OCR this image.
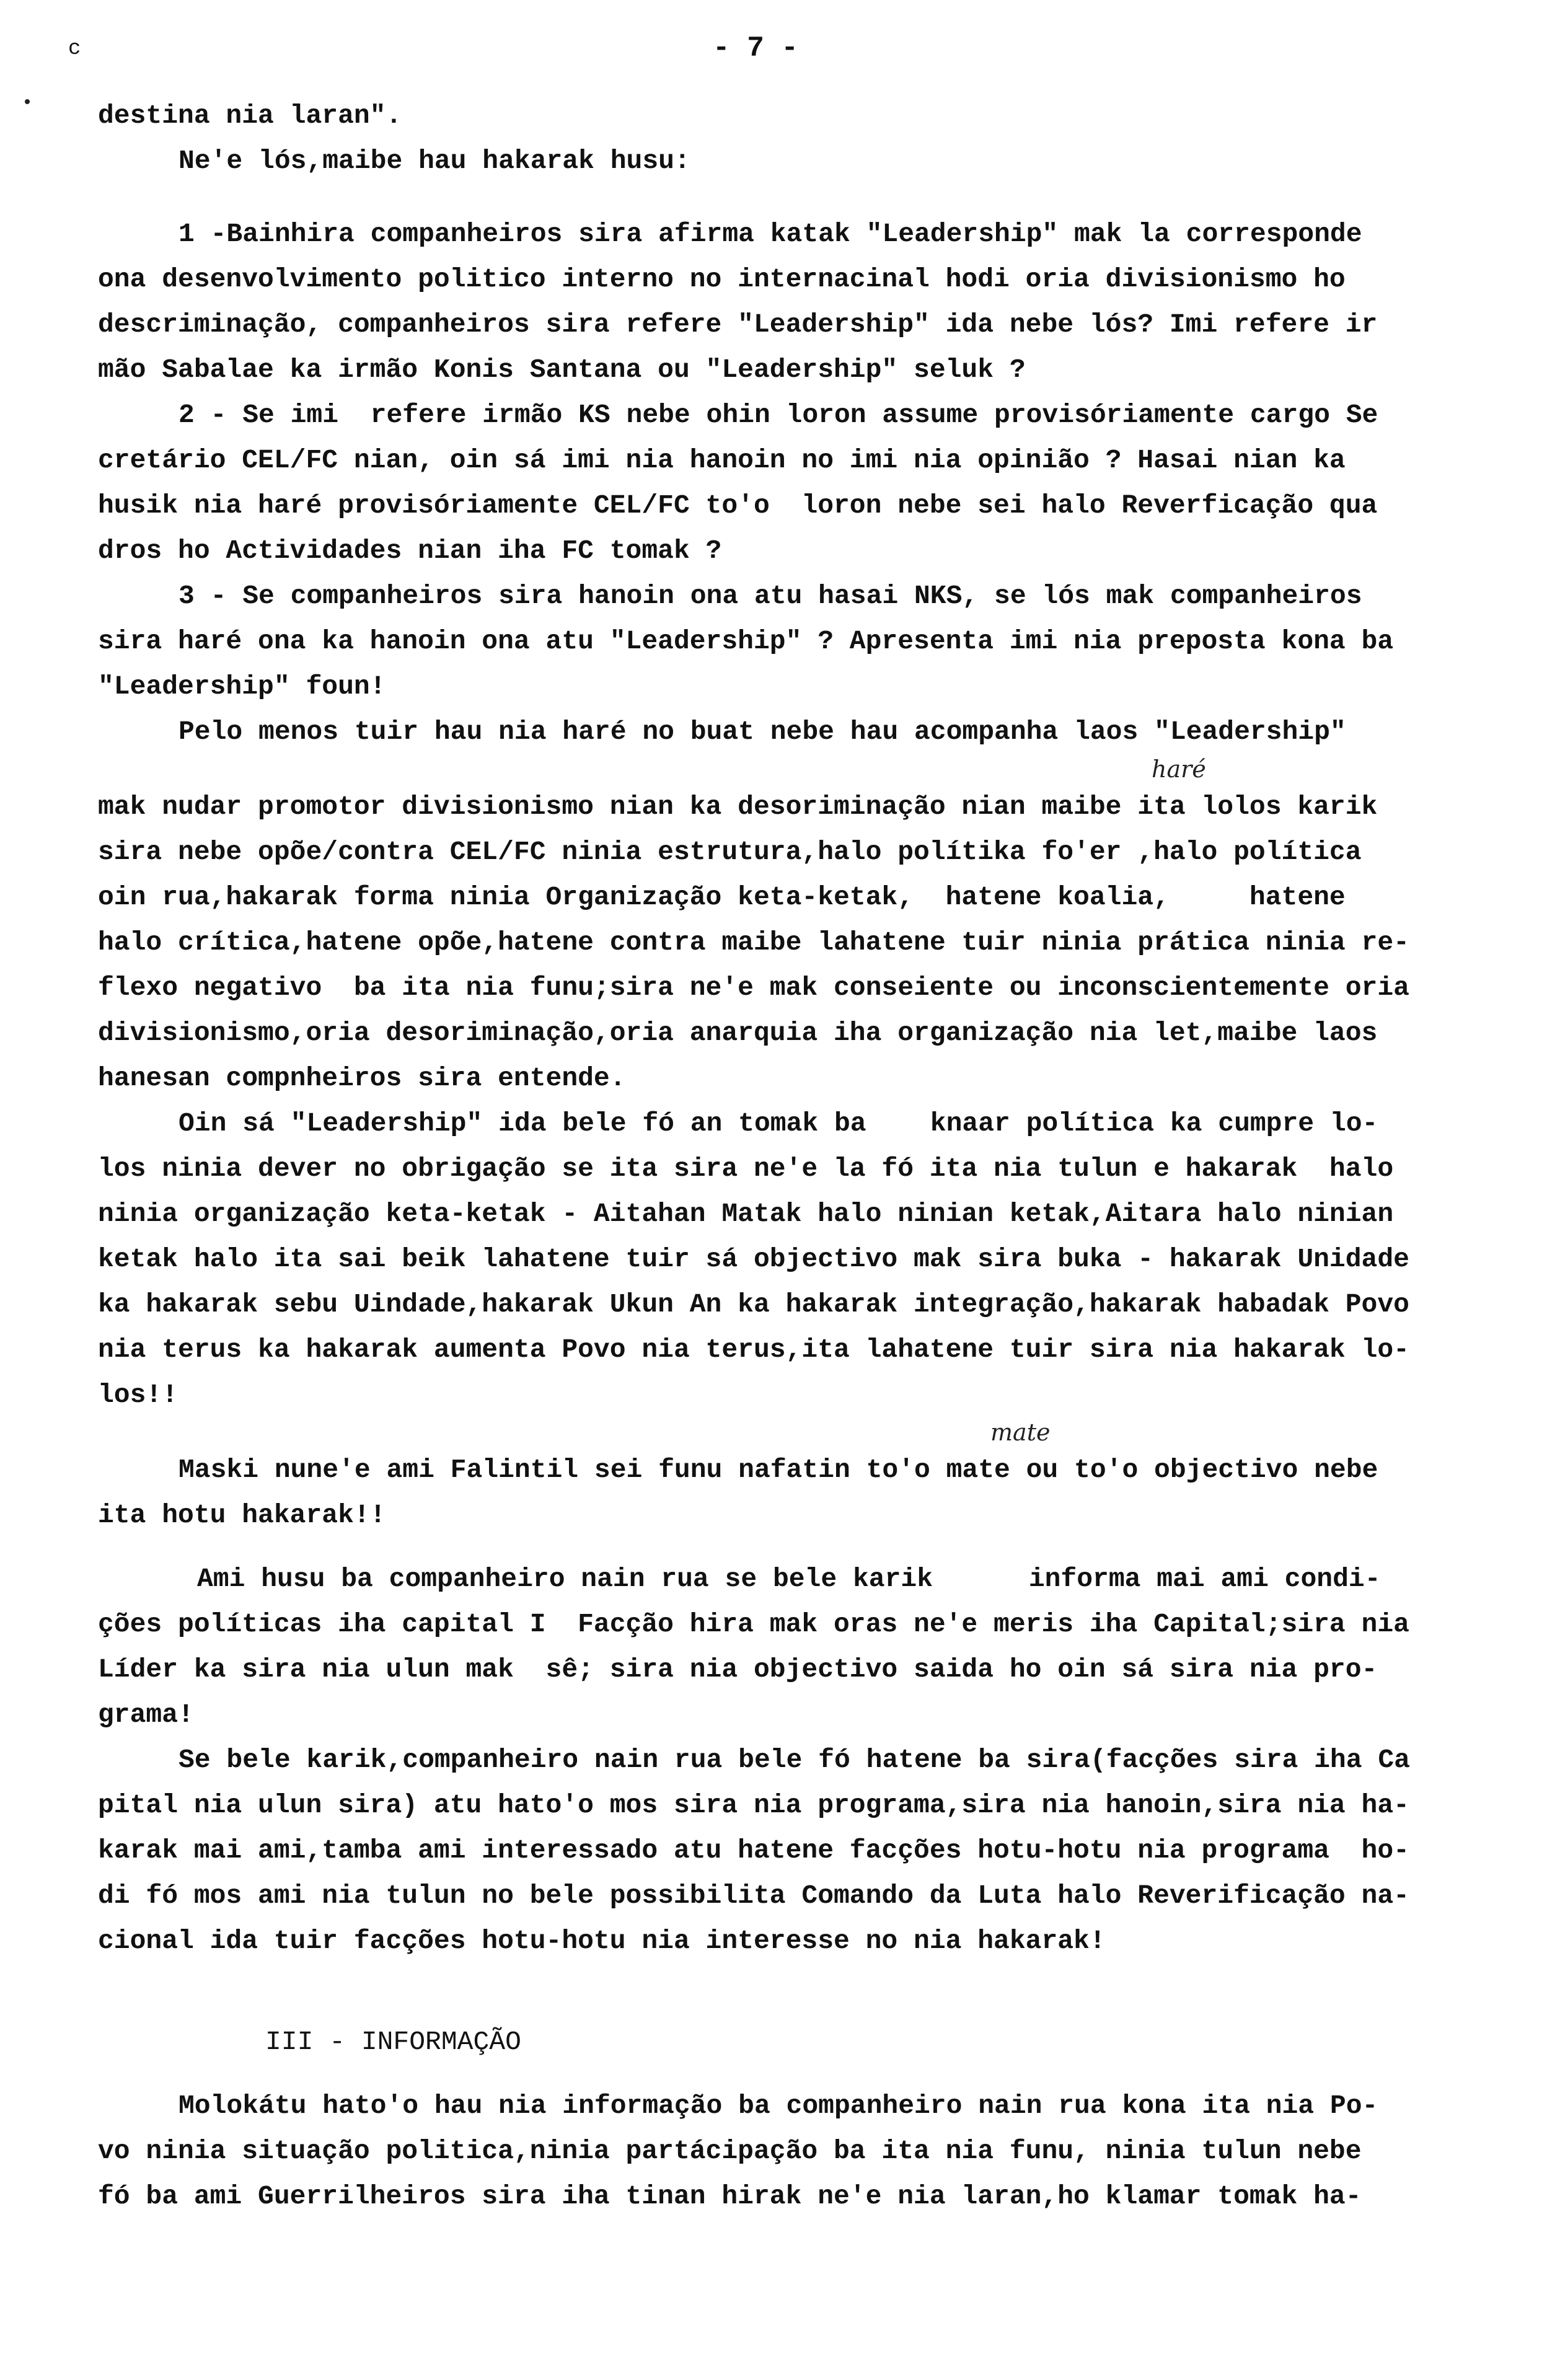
- 7 -
c
destina nia laran".
Ne'e lós,maibe hau hakarak husu:
1 -Bainhira companheiros sira afirma katak "Leadership" mak la corresponde
ona desenvolvimento politico interno no internacinal hodi oria divisionismo ho
descriminação, companheiros sira refere "Leadership" ida nebe lós? Imi refere ir
mão Sabalae ka irmão Konis Santana ou "Leadership" seluk ?
2 - Se imi  refere irmão KS nebe ohin loron assume provisóriamente cargo Se
cretário CEL/FC nian, oin sá imi nia hanoin no imi nia opinião ? Hasai nian ka
husik nia haré provisóriamente CEL/FC to'o  loron nebe sei halo Reverficação qua
dros ho Actividades nian iha FC tomak ?
3 - Se companheiros sira hanoin ona atu hasai NKS, se lós mak companheiros
sira haré ona ka hanoin ona atu "Leadership" ? Apresenta imi nia preposta kona ba
"Leadership" foun!
Pelo menos tuir hau nia haré no buat nebe hau acompanha laos "Leadership"
haré
mak nudar promotor divisionismo nian ka desoriminação nian maibe ita lolos karik
sira nebe opõe/contra CEL/FC ninia estrutura,halo polítika fo'er ,halo política
oin rua,hakarak forma ninia Organização keta-ketak,  hatene koalia,     hatene
halo crítica,hatene opõe,hatene contra maibe lahatene tuir ninia prática ninia re-
flexo negativo  ba ita nia funu;sira ne'e mak conseiente ou inconscientemente oria
divisionismo,oria desoriminação,oria anarquia iha organização nia let,maibe laos
hanesan compnheiros sira entende.
Oin sá "Leadership" ida bele fó an tomak ba    knaar política ka cumpre lo-
los ninia dever no obrigação se ita sira ne'e la fó ita nia tulun e hakarak  halo
ninia organização keta-ketak - Aitahan Matak halo ninian ketak,Aitara halo ninian
ketak halo ita sai beik lahatene tuir sá objectivo mak sira buka - hakarak Unidade
ka hakarak sebu Uindade,hakarak Ukun An ka hakarak integração,hakarak habadak Povo
nia terus ka hakarak aumenta Povo nia terus,ita lahatene tuir sira nia hakarak lo-
los!!
mate
Maski nune'e ami Falintil sei funu nafatin to'o mate ou to'o objectivo nebe
ita hotu hakarak!!
Ami husu ba companheiro nain rua se bele karik      informa mai ami condi-
ções políticas iha capital I  Facção hira mak oras ne'e meris iha Capital;sira nia
Líder ka sira nia ulun mak  sê; sira nia objectivo saida ho oin sá sira nia pro-
grama!
Se bele karik,companheiro nain rua bele fó hatene ba sira(facções sira iha Ca
pital nia ulun sira) atu hato'o mos sira nia programa,sira nia hanoin,sira nia ha-
karak mai ami,tamba ami interessado atu hatene facções hotu-hotu nia programa  ho-
di fó mos ami nia tulun no bele possibilita Comando da Luta halo Reverificação na-
cional ida tuir facções hotu-hotu nia interesse no nia hakarak!
III - INFORMAÇÃO
Molokátu hato'o hau nia informação ba companheiro nain rua kona ita nia Po-
vo ninia situação politica,ninia partácipação ba ita nia funu, ninia tulun nebe
fó ba ami Guerrilheiros sira iha tinan hirak ne'e nia laran,ho klamar tomak ha-
